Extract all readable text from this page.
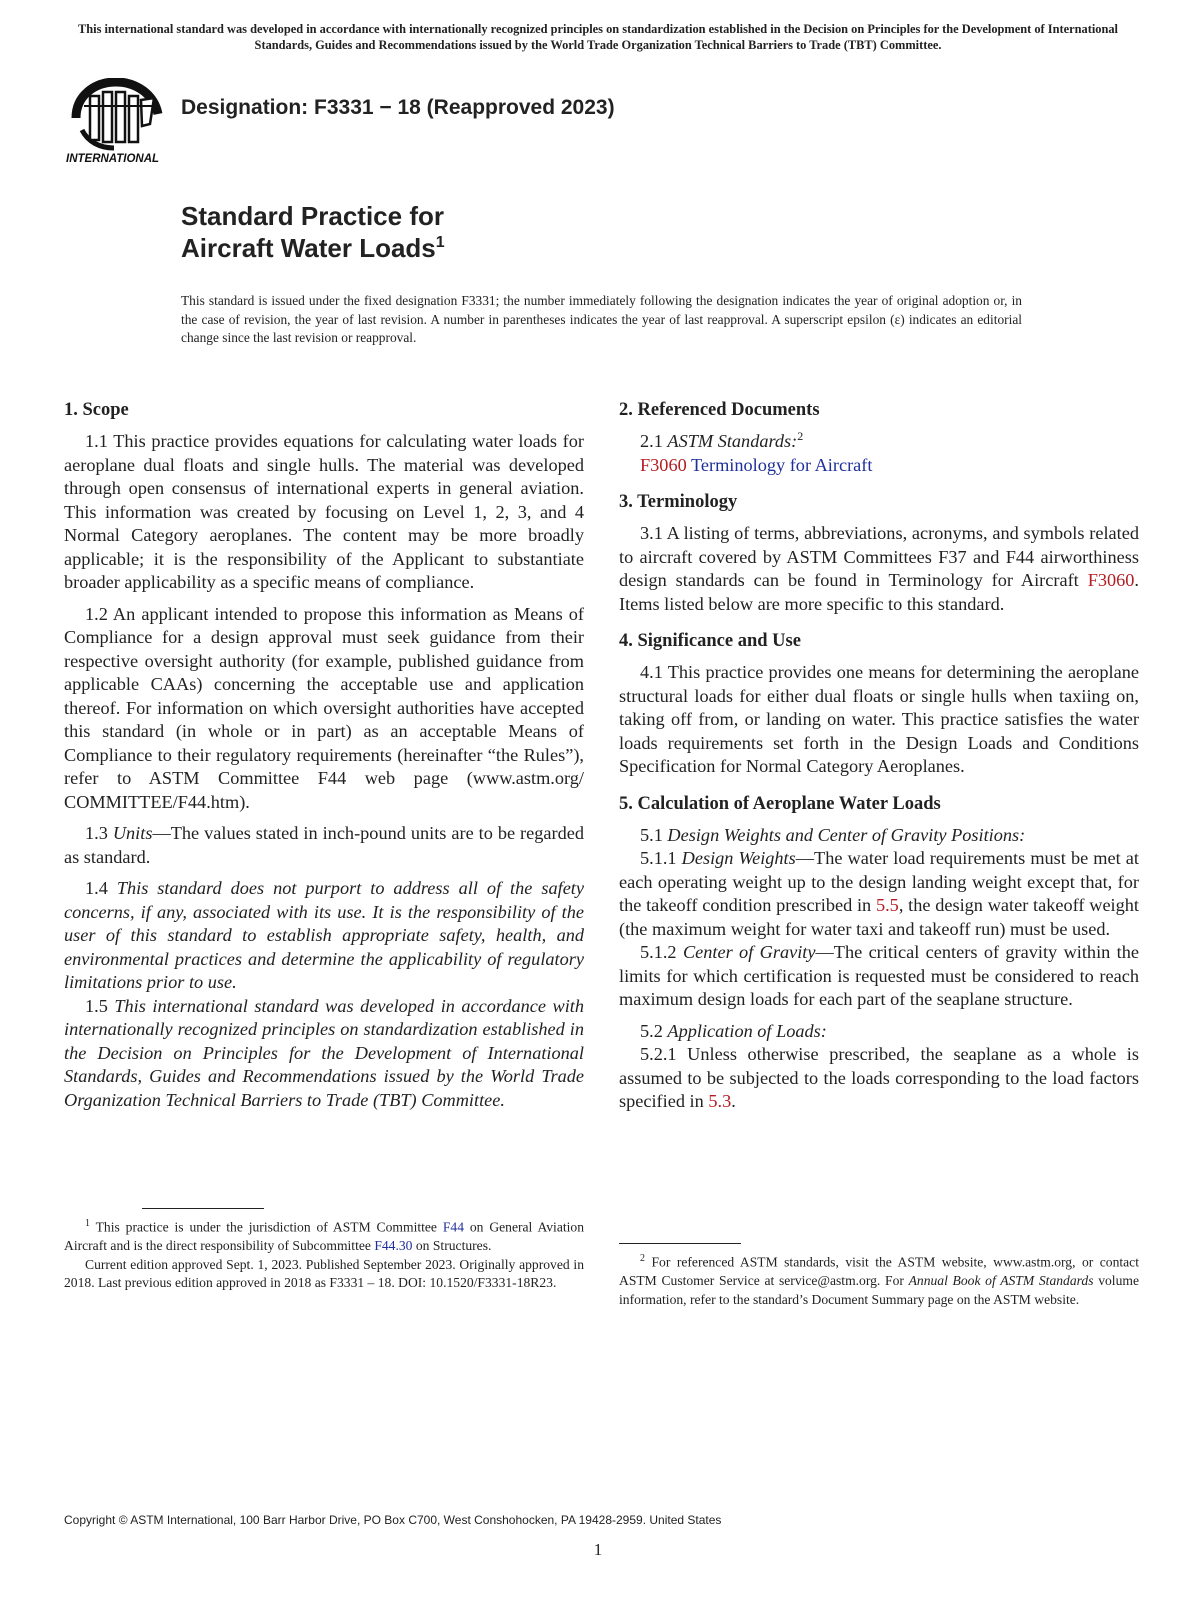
This international standard was developed in accordance with internationally recognized principles on standardization established in the Decision on Principles for the Development of International Standards, Guides and Recommendations issued by the World Trade Organization Technical Barriers to Trade (TBT) Committee.
INTERNATIONAL
Designation: F3331 − 18 (Reapproved 2023)
Standard Practice for
Aircraft Water Loads$^1$
This standard is issued under the fixed designation F3331; the number immediately following the designation indicates the year of original adoption or, in the case of revision, the year of last revision. A number in parentheses indicates the year of last reapproval. A superscript epsilon (ε) indicates an editorial change since the last revision or reapproval.
1. Scope

1.1 This practice provides equations for calculating water loads for aeroplane dual floats and single hulls. The material was developed through open consensus of international experts in general aviation. This information was created by focusing on Level 1, 2, 3, and 4 Normal Category aeroplanes. The content may be more broadly applicable; it is the responsibility of the Applicant to substantiate broader applicability as a specific means of compliance.

1.2 An applicant intended to propose this information as Means of Compliance for a design approval must seek guidance from their respective oversight authority (for example, published guidance from applicable CAAs) concerning the acceptable use and application thereof. For information on which oversight authorities have accepted this standard (in whole or in part) as an acceptable Means of Compliance to their regulatory requirements (hereinafter “the Rules”), refer to ASTM Committee F44 web page (www.astm.org/ COMMITTEE/F44.htm).

1.3 Units—The values stated in inch-pound units are to be regarded as standard.

1.4 This standard does not purport to address all of the safety concerns, if any, associated with its use. It is the responsibility of the user of this standard to establish appropriate safety, health, and environmental practices and determine the applicability of regulatory limitations prior to use.

1.5 This international standard was developed in accordance with internationally recognized principles on standardization established in the Decision on Principles for the Development of International Standards, Guides and Recommendations issued by the World Trade Organization Technical Barriers to Trade (TBT) Committee.

2. Referenced Documents

2.1 ASTM Standards:$^2$

F3060 Terminology for Aircraft

3. Terminology

3.1 A listing of terms, abbreviations, acronyms, and symbols related to aircraft covered by ASTM Committees F37 and F44 airworthiness design standards can be found in Terminology for Aircraft F3060. Items listed below are more specific to this standard.

4. Significance and Use

4.1 This practice provides one means for determining the aeroplane structural loads for either dual floats or single hulls when taxiing on, taking off from, or landing on water. This practice satisfies the water loads requirements set forth in the Design Loads and Conditions Specification for Normal Category Aeroplanes.

5. Calculation of Aeroplane Water Loads

5.1 Design Weights and Center of Gravity Positions:

5.1.1 Design Weights—The water load requirements must be met at each operating weight up to the design landing weight except that, for the takeoff condition prescribed in 5.5, the design water takeoff weight (the maximum weight for water taxi and takeoff run) must be used.

5.1.2 Center of Gravity—The critical centers of gravity within the limits for which certification is requested must be considered to reach maximum design loads for each part of the seaplane structure.

5.2 Application of Loads:

5.2.1 Unless otherwise prescribed, the seaplane as a whole is assumed to be subjected to the loads corresponding to the load factors specified in 5.3.

$^1$ This practice is under the jurisdiction of ASTM Committee F44 on General Aviation Aircraft and is the direct responsibility of Subcommittee F44.30 on Structures.

Current edition approved Sept. 1, 2023. Published September 2023. Originally approved in 2018. Last previous edition approved in 2018 as F3331 – 18. DOI: 10.1520/F3331-18R23.

$^2$ For referenced ASTM standards, visit the ASTM website, www.astm.org, or contact ASTM Customer Service at service@astm.org. For Annual Book of ASTM Standards volume information, refer to the standard’s Document Summary page on the ASTM website.

Copyright © ASTM International, 100 Barr Harbor Drive, PO Box C700, West Conshohocken, PA 19428-2959. United States
1
